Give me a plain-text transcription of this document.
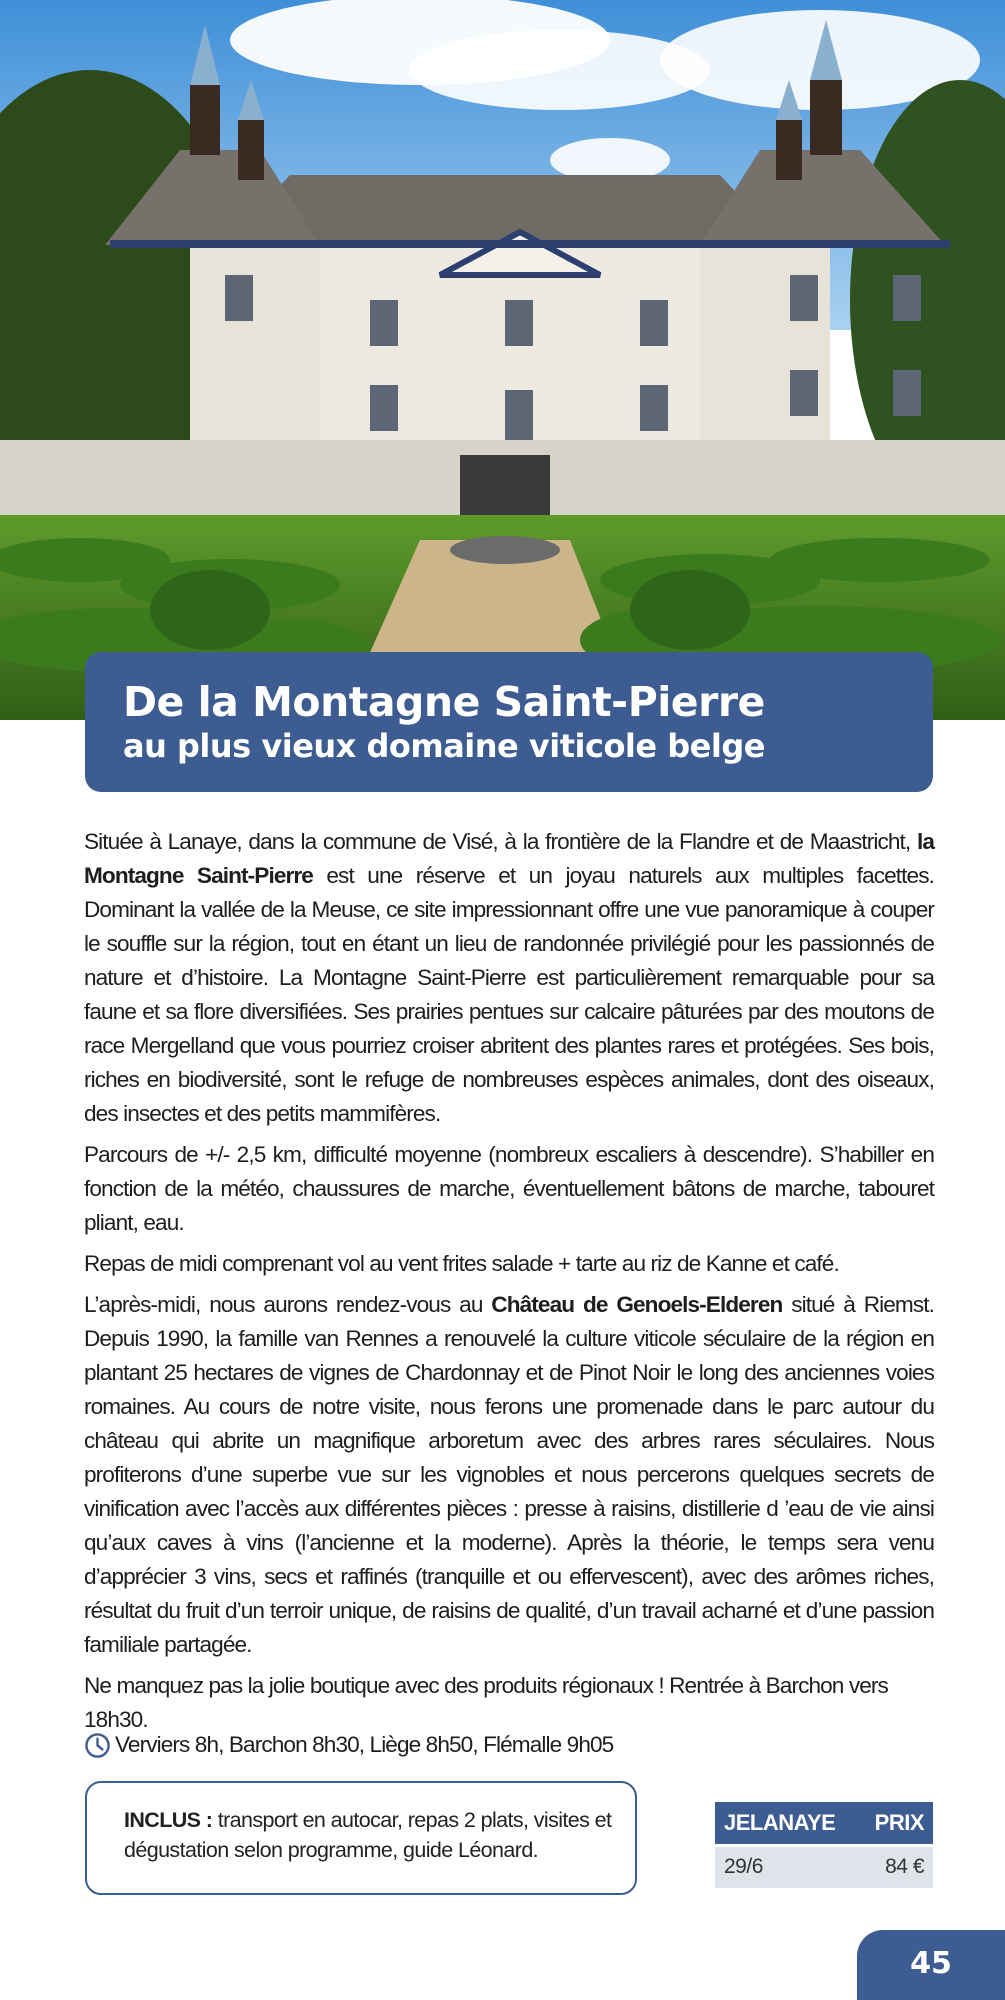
De la Montagne Saint-Pierre
au plus vieux domaine viticole belge

Située à Lanaye, dans la commune de Visé, à la frontière de la Flandre et de Maastricht, la Montagne Saint-Pierre est une réserve et un joyau naturels aux multiples facettes. Dominant la vallée de la Meuse, ce site impressionnant offre une vue panoramique à couper le souffle sur la région, tout en étant un lieu de randonnée privilégié pour les passionnés de nature et d’histoire. La Montagne Saint-Pierre est particulièrement remarquable pour sa faune et sa flore diversifiées. Ses prairies pentues sur calcaire pâturées par des moutons de race Mergelland que vous pourriez croiser abritent des plantes rares et protégées. Ses bois, riches en biodiversité, sont le refuge de nombreuses espèces animales, dont des oiseaux, des insectes et des petits mammifères.

Parcours de +/- 2,5 km, difficulté moyenne (nombreux escaliers à descendre). S’habiller en fonction de la météo, chaussures de marche, éventuellement bâtons de marche, tabouret pliant, eau.

Repas de midi comprenant vol au vent frites salade + tarte au riz de Kanne et café.

L’après-midi, nous aurons rendez-vous au Château de Genoels-Elderen situé à Riemst. Depuis 1990, la famille van Rennes a renouvelé la culture viticole séculaire de la région en plantant 25 hectares de vignes de Chardonnay et de Pinot Noir le long des anciennes voies romaines. Au cours de notre visite, nous ferons une promenade dans le parc autour du château qui abrite un magnifique arboretum avec des arbres rares séculaires. Nous profiterons d’une superbe vue sur les vignobles et nous percerons quelques secrets de vinification avec l’accès aux différentes pièces : presse à raisins, distillerie d ’eau de vie ainsi qu’aux caves à vins (l’ancienne et la moderne). Après la théorie, le temps sera venu d’apprécier 3 vins, secs et raffinés (tranquille et ou effervescent), avec des arômes riches, résultat du fruit d’un terroir unique, de raisins de qualité, d’un travail acharné et d’une passion familiale partagée.

Ne manquez pas la jolie boutique avec des produits régionaux ! Rentrée à Barchon vers 18h30.

Verviers 8h, Barchon 8h30, Liège 8h50, Flémalle 9h05
INCLUS : transport en autocar, repas 2 plats, visites et dégustation selon programme, guide Léonard.
JELANAYE	PRIX
29/6	84 €
45
